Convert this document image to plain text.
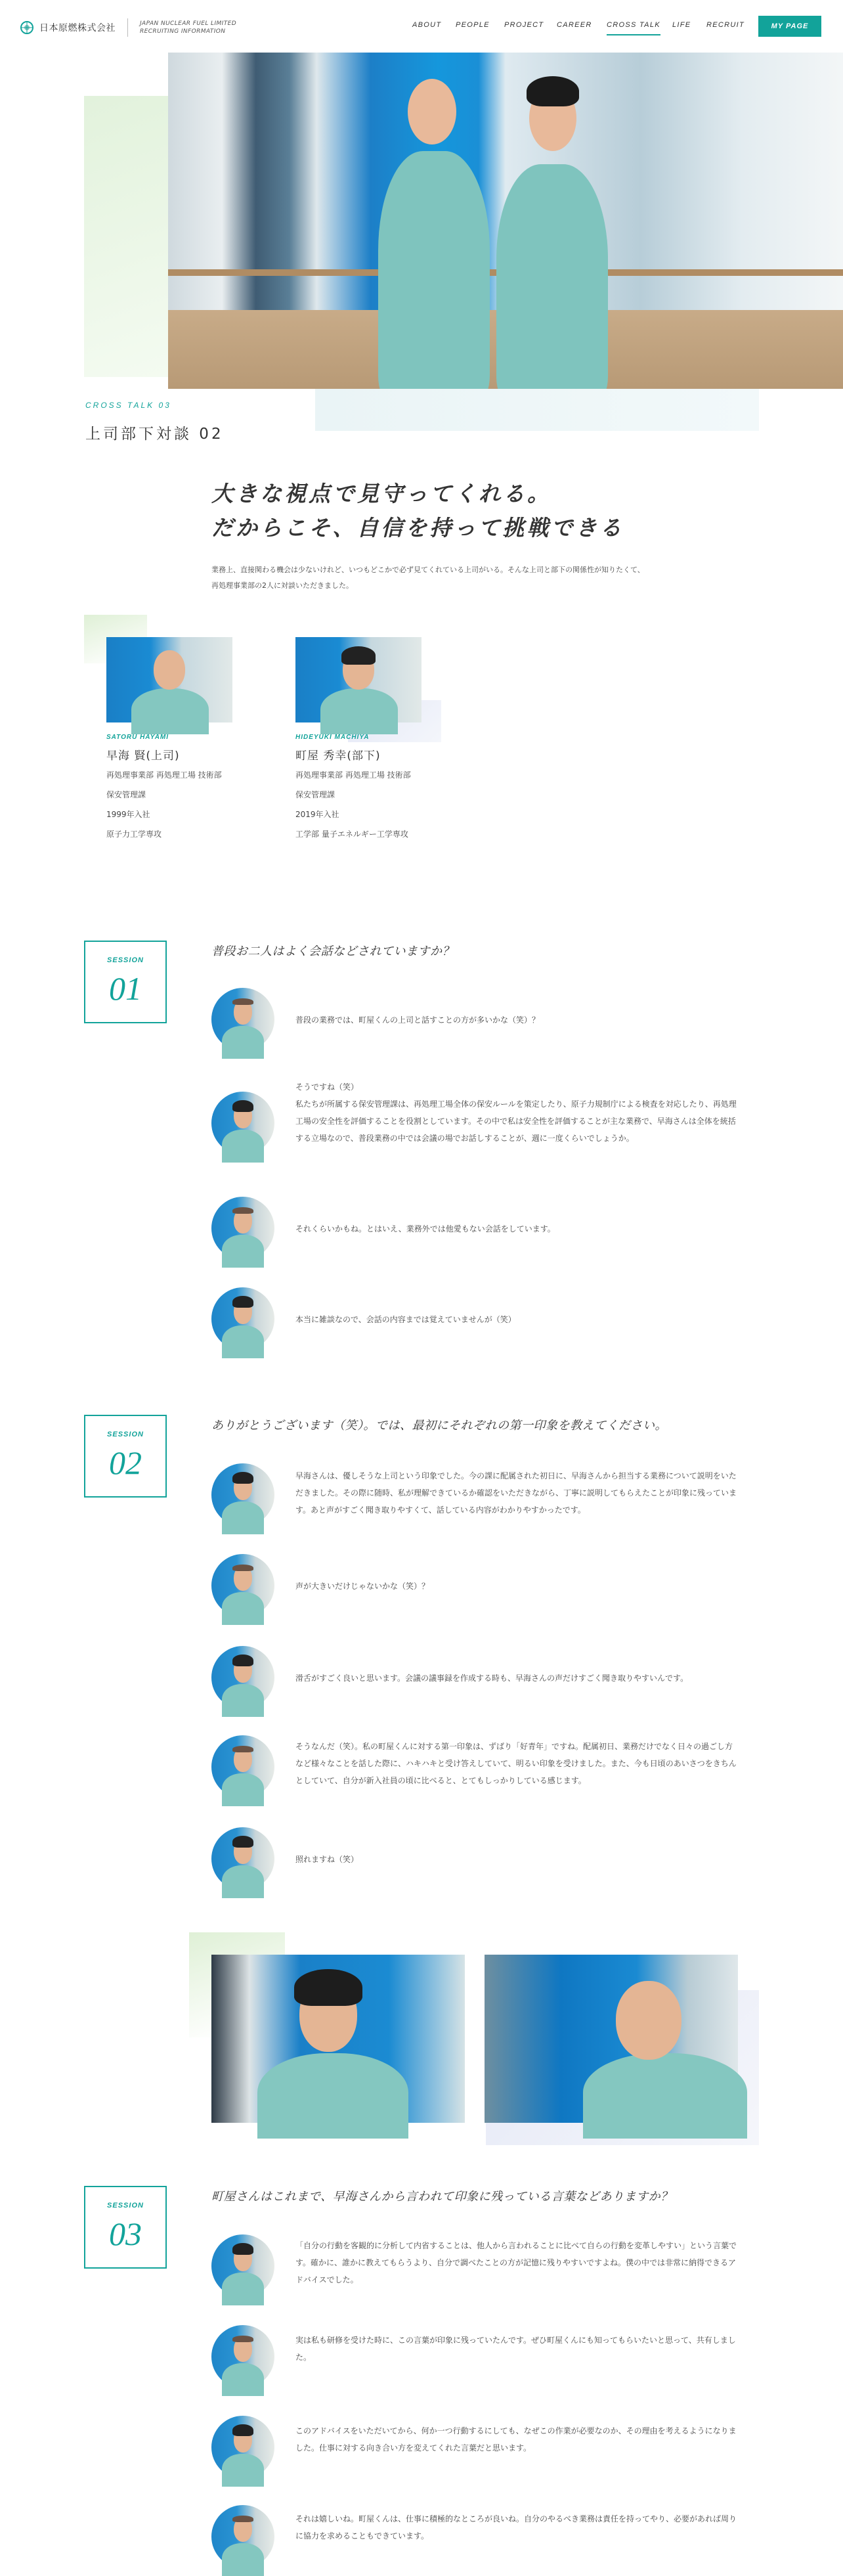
日本原燃株式会社	JAPAN NUCLEAR FUEL LIMITED
RECRUITING INFORMATION
ABOUT PEOPLE PROJECT CAREER CROSS TALK LIFE RECRUIT	MY PAGE
CROSS TALK 03
上司部下対談 02
大きな視点で見守ってくれる。
だからこそ、自信を持って挑戦できる

業務上、直接関わる機会は少ないけれど、いつもどこかで必ず見てくれている上司がいる。そんな上司と部下の関係性が知りたくて、再処理事業部の2人に対談いただきました。

SATORU HAYAMI
早海 賢(上司)
再処理事業部 再処理工場 技術部
保安管理課
1999年入社
原子力工学専攻
HIDEYUKI MACHIYA
町屋 秀幸(部下)
再処理事業部 再処理工場 技術部
保安管理課
2019年入社
工学部 量子エネルギー工学専攻
SESSION
01
普段お二人はよく会話などされていますか？

普段の業務では、町屋くんの上司と話すことの方が多いかな（笑）？

そうですね（笑）
私たちが所属する保安管理課は、再処理工場全体の保安ルールを策定したり、原子力規制庁による検査を対応したり、再処理工場の安全性を評価することを役割としています。その中で私は安全性を評価することが主な業務で、早海さんは全体を統括する立場なので、普段業務の中では会議の場でお話しすることが、週に一度くらいでしょうか。

それくらいかもね。とはいえ、業務外では他愛もない会話をしています。

本当に雑談なので、会話の内容までは覚えていませんが（笑）

SESSION
02
ありがとうございます（笑）。では、最初にそれぞれの第一印象を教えてください。

早海さんは、優しそうな上司という印象でした。今の課に配属された初日に、早海さんから担当する業務について説明をいただきました。その際に随時、私が理解できているか確認をいただきながら、丁寧に説明してもらえたことが印象に残っています。あと声がすごく聞き取りやすくて、話している内容がわかりやすかったです。

声が大きいだけじゃないかな（笑）？

滑舌がすごく良いと思います。会議の議事録を作成する時も、早海さんの声だけすごく聞き取りやすいんです。

そうなんだ（笑）。私の町屋くんに対する第一印象は、ずばり「好青年」ですね。配属初日、業務だけでなく日々の過ごし方など様々なことを話した際に、ハキハキと受け答えしていて、明るい印象を受けました。また、今も日頃のあいさつをきちんとしていて、自分が新入社員の頃に比べると、とてもしっかりしている感じます。

照れますね（笑）

SESSION
03
町屋さんはこれまで、早海さんから言われて印象に残っている言葉などありますか？

「自分の行動を客観的に分析して内省することは、他人から言われることに比べて自らの行動を変革しやすい」という言葉です。確かに、誰かに教えてもらうより、自分で調べたことの方が記憶に残りやすいですよね。僕の中では非常に納得できるアドバイスでした。

実は私も研修を受けた時に、この言葉が印象に残っていたんです。ぜひ町屋くんにも知ってもらいたいと思って、共有しました。

このアドバイスをいただいてから、何か一つ行動するにしても、なぜこの作業が必要なのか、その理由を考えるようになりました。仕事に対する向き合い方を変えてくれた言葉だと思います。

それは嬉しいね。町屋くんは、仕事に積極的なところが良いね。自分のやるべき業務は責任を持ってやり、必要があれば周りに協力を求めることもできています。
